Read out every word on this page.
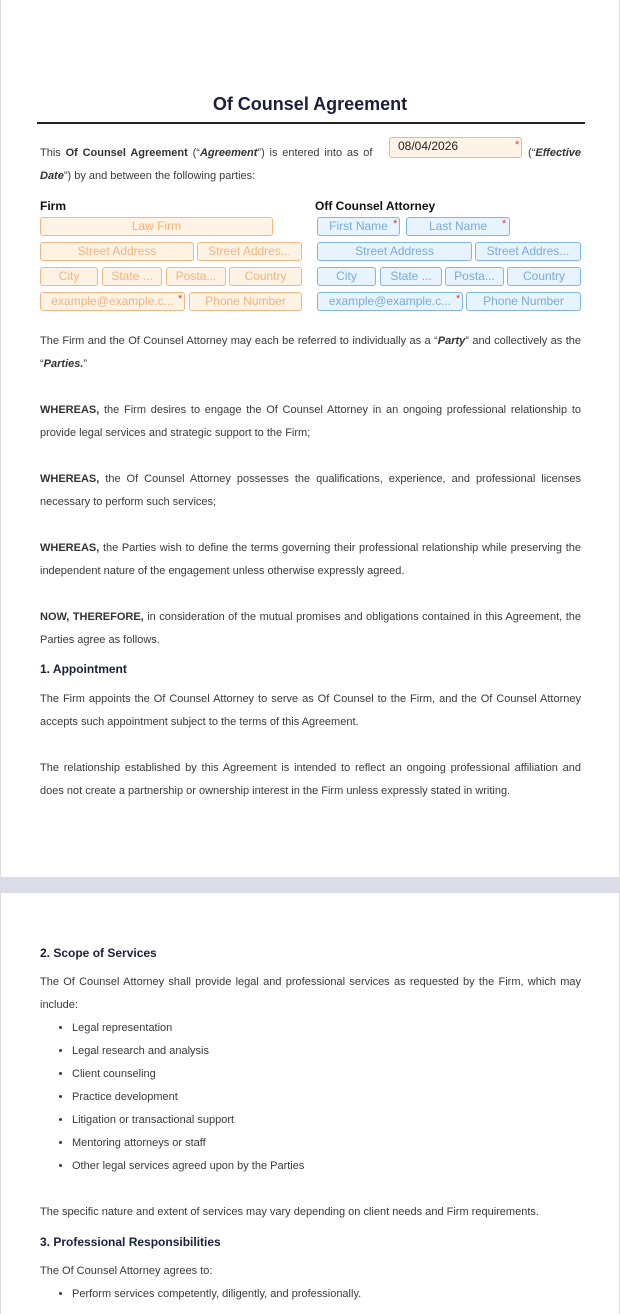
Of Counsel Agreement
This Of Counsel Agreement (“Agreement”) is entered into as of	(“Effective Date”) by and between the following parties:
08/04/2026	*
Firm	Off Counsel Attorney
Law Firm
Street Address	Street Addres...
City	State ...	Posta...	Country
example@example.c... *	Phone Number
First Name *	Last Name	*
Street Address	Street Addres...
City	State ...	Posta...	Country
example@example.c... *	Phone Number
The Firm and the Of Counsel Attorney may each be referred to individually as a “Party” and collectively as the “Parties.”
WHEREAS, the Firm desires to engage the Of Counsel Attorney in an ongoing professional relationship to provide legal services and strategic support to the Firm;
WHEREAS, the Of Counsel Attorney possesses the qualifications, experience, and professional licenses necessary to perform such services;
WHEREAS, the Parties wish to define the terms governing their professional relationship while preserving the independent nature of the engagement unless otherwise expressly agreed.
NOW, THEREFORE, in consideration of the mutual promises and obligations contained in this Agreement, the Parties agree as follows.
1. Appointment
The Firm appoints the Of Counsel Attorney to serve as Of Counsel to the Firm, and the Of Counsel Attorney accepts such appointment subject to the terms of this Agreement.
The relationship established by this Agreement is intended to reflect an ongoing professional affiliation and does not create a partnership or ownership interest in the Firm unless expressly stated in writing.
2. Scope of Services
The Of Counsel Attorney shall provide legal and professional services as requested by the Firm, which may include:
• Legal representation
• Legal research and analysis
• Client counseling
• Practice development
• Litigation or transactional support
• Mentoring attorneys or staff
• Other legal services agreed upon by the Parties
The specific nature and extent of services may vary depending on client needs and Firm requirements.
3. Professional Responsibilities
The Of Counsel Attorney agrees to:
• Perform services competently, diligently, and professionally.
